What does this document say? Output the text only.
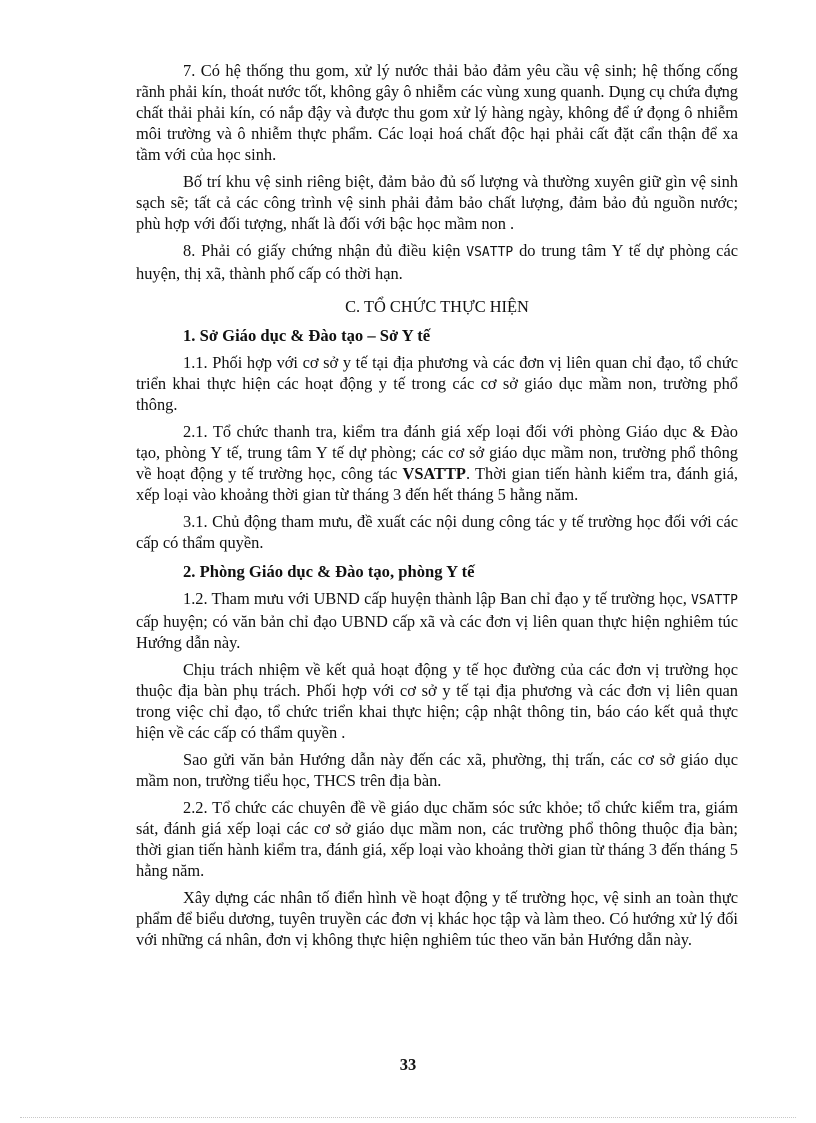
7. Có hệ thống thu gom, xử lý nước thải bảo đảm yêu cầu vệ sinh; hệ thống cống rãnh phải kín, thoát nước tốt, không gây ô nhiễm các vùng xung quanh. Dụng cụ chứa đựng chất thải phải kín, có nắp đậy và được thu gom xử lý hàng ngày, không để ứ đọng ô nhiễm môi trường và ô nhiễm thực phẩm. Các loại hoá chất độc hại phải cất đặt cẩn thận để xa tầm với của học sinh.

Bố trí khu vệ sinh riêng biệt, đảm bảo đủ số lượng và thường xuyên giữ gìn vệ sinh sạch sẽ; tất cả các công trình vệ sinh phải đảm bảo chất lượng, đảm bảo đủ nguồn nước; phù hợp với đối tượng, nhất là đối với bậc học mầm non .

8. Phải có giấy chứng nhận đủ điều kiện VSATTP do trung tâm Y tế dự phòng các huyện, thị xã, thành phố cấp có thời hạn.

C. TỔ CHỨC THỰC HIỆN

1. Sở Giáo dục & Đào tạo – Sở Y tế

1.1. Phối hợp với cơ sở y tế tại địa phương và các đơn vị liên quan chỉ đạo, tổ chức triển khai thực hiện các hoạt động y tế trong các cơ sở giáo dục mầm non, trường phổ thông.

2.1. Tổ chức thanh tra, kiểm tra đánh giá xếp loại đối với phòng Giáo dục & Đào tạo, phòng Y tế, trung tâm Y tế dự phòng; các cơ sở giáo dục mầm non, trường phổ thông về hoạt động y tế trường học, công tác VSATTP. Thời gian tiến hành kiểm tra, đánh giá, xếp loại vào khoảng thời gian từ tháng 3 đến hết tháng 5 hằng năm.

3.1. Chủ động tham mưu, đề xuất các nội dung công tác y tế trường học đối với các cấp có thẩm quyền.

2. Phòng Giáo dục & Đào tạo, phòng Y tế

1.2. Tham mưu với UBND cấp huyện thành lập Ban chỉ đạo y tế trường học, VSATTP cấp huyện; có văn bản chỉ đạo UBND cấp xã và các đơn vị liên quan thực hiện nghiêm túc Hướng dẫn này.

Chịu trách nhiệm về kết quả hoạt động y tế học đường của các đơn vị trường học thuộc địa bàn phụ trách. Phối hợp với cơ sở y tế tại địa phương và các đơn vị liên quan trong việc chỉ đạo, tổ chức triển khai thực hiện; cập nhật thông tin, báo cáo kết quả thực hiện về các cấp có thẩm quyền .

Sao gửi văn bản Hướng dẫn này đến các xã, phường, thị trấn, các cơ sở giáo dục mầm non, trường tiểu học, THCS trên địa bàn.

2.2. Tổ chức các chuyên đề về giáo dục chăm sóc sức khỏe; tổ chức kiểm tra, giám sát, đánh giá xếp loại các cơ sở giáo dục mầm non, các trường phổ thông thuộc địa bàn; thời gian tiến hành kiểm tra, đánh giá, xếp loại vào khoảng thời gian từ tháng 3 đến tháng 5 hằng năm.

Xây dựng các nhân tố điển hình về hoạt động y tế trường học, vệ sinh an toàn thực phẩm để biểu dương, tuyên truyền các đơn vị khác học tập và làm theo. Có hướng xử lý đối với những cá nhân, đơn vị không thực hiện nghiêm túc theo văn bản Hướng dẫn này.

33
